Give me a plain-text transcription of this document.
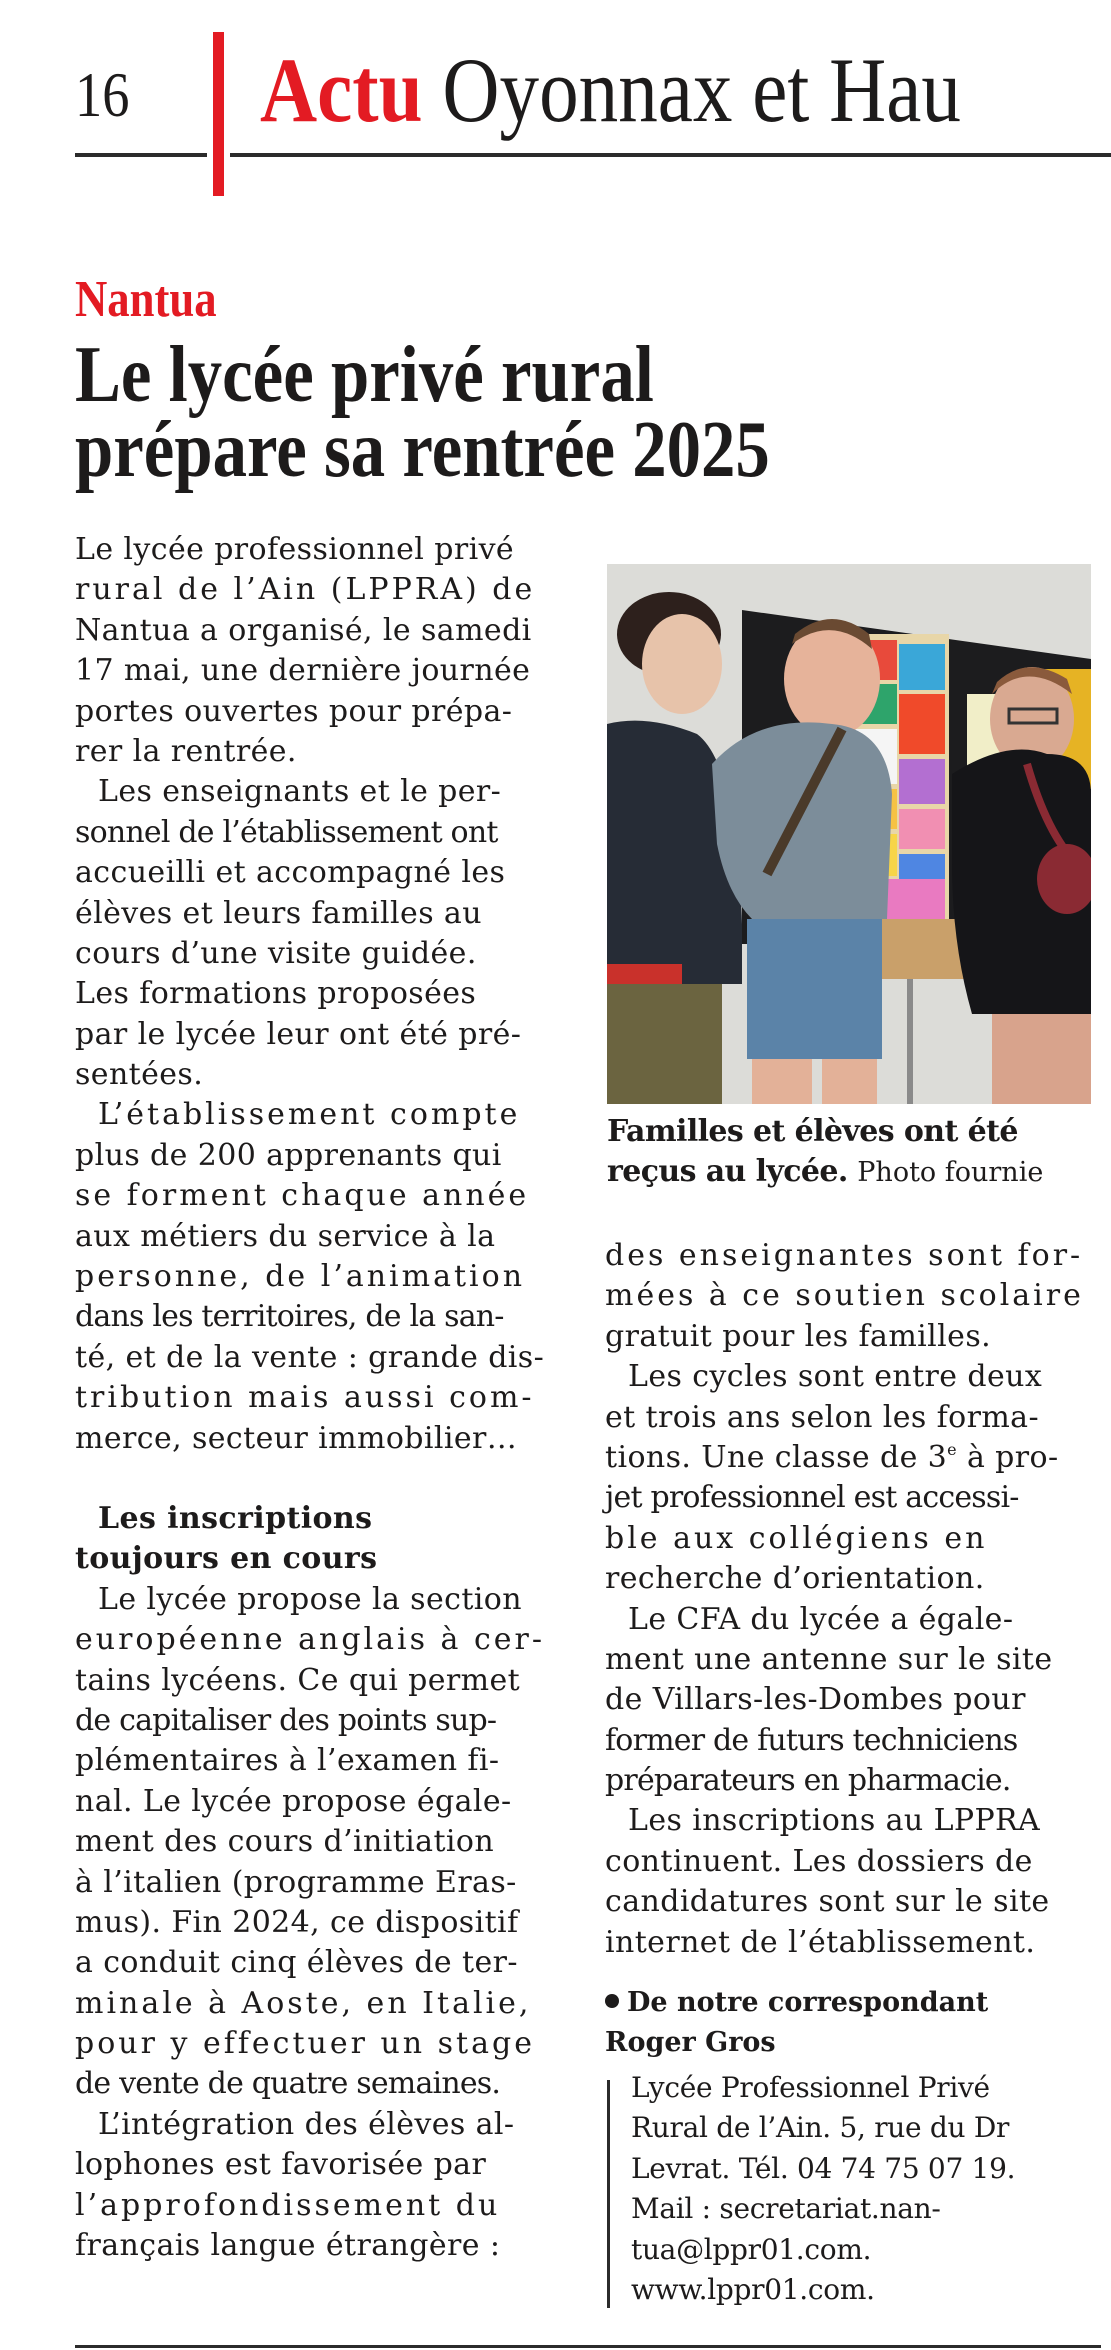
16 Actu Oyonnax et Hau
Nantua
Le lycée privé rural
prépare sa rentrée 2025
Le lycée professionnel privé
rural de l’Ain (LPPRA) de
Nantua a organisé, le samedi
17 mai, une dernière journée
portes ouvertes pour prépa-
rer la rentrée.
Les enseignants et le per-
sonnel de l’établissement ont
accueilli et accompagné les
élèves et leurs familles au
cours d’une visite guidée.
Les formations proposées
par le lycée leur ont été pré-
sentées.
L’établissement compte
plus de 200 apprenants qui
se forment chaque année
aux métiers du service à la
personne, de l’animation
dans les territoires, de la san-
té, et de la vente : grande dis-
tribution mais aussi com-
merce, secteur immobilier…
Les inscriptions
toujours en cours
Le lycée propose la section
européenne anglais à cer-
tains lycéens. Ce qui permet
de capitaliser des points sup-
plémentaires à l’examen fi-
nal. Le lycée propose égale-
ment des cours d’initiation
à l’italien (programme Eras-
mus). Fin 2024, ce dispositif
a conduit cinq élèves de ter-
minale à Aoste, en Italie,
pour y effectuer un stage
de vente de quatre semaines.
L’intégration des élèves al-
lophones est favorisée par
l’approfondissement du
français langue étrangère :
Familles et élèves ont été
reçus au lycée. Photo fournie
des enseignantes sont for-
mées à ce soutien scolaire
gratuit pour les familles.
Les cycles sont entre deux
et trois ans selon les forma-
tions. Une classe de 3e à pro-
jet professionnel est accessi-
ble aux collégiens en
recherche d’orientation.
Le CFA du lycée a égale-
ment une antenne sur le site
de Villars-les-Dombes pour
former de futurs techniciens
préparateurs en pharmacie.
Les inscriptions au LPPRA
continuent. Les dossiers de
candidatures sont sur le site
internet de l’établissement.
De notre correspondant
Roger Gros
Lycée Professionnel Privé
Rural de l’Ain. 5, rue du Dr
Levrat. Tél. 04 74 75 07 19.
Mail : secretariat.nan-
tua@lppr01.com.
www.lppr01.com.
